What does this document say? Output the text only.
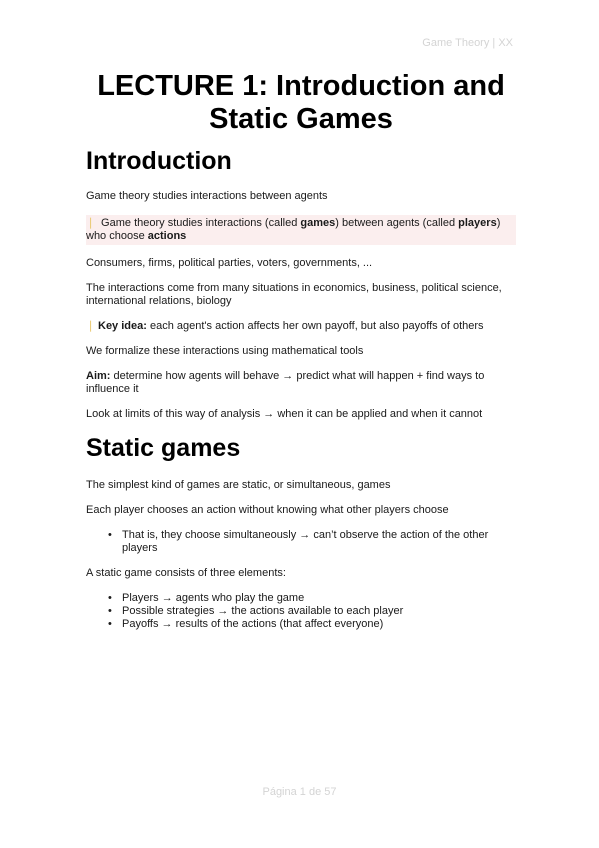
Game Theory | XX
LECTURE 1: Introduction and
Static Games
Introduction

Game theory studies interactions between agents

❘ Game theory studies interactions (called games) between agents (called players) who choose actions

Consumers, firms, political parties, voters, governments, ...

The interactions come from many situations in economics, business, political science, international relations, biology

❘ Key idea: each agent's action affects her own payoff, but also payoffs of others

We formalize these interactions using mathematical tools

Aim: determine how agents will behave → predict what will happen + find ways to influence it

Look at limits of this way of analysis → when it can be applied and when it cannot

Static games

The simplest kind of games are static, or simultaneous, games

Each player chooses an action without knowing what other players choose

• That is, they choose simultaneously → can’t observe the action of the other players

A static game consists of three elements:

• Players → agents who play the game
• Possible strategies → the actions available to each player
• Payoffs → results of the actions (that affect everyone)
Página 1 de 57
